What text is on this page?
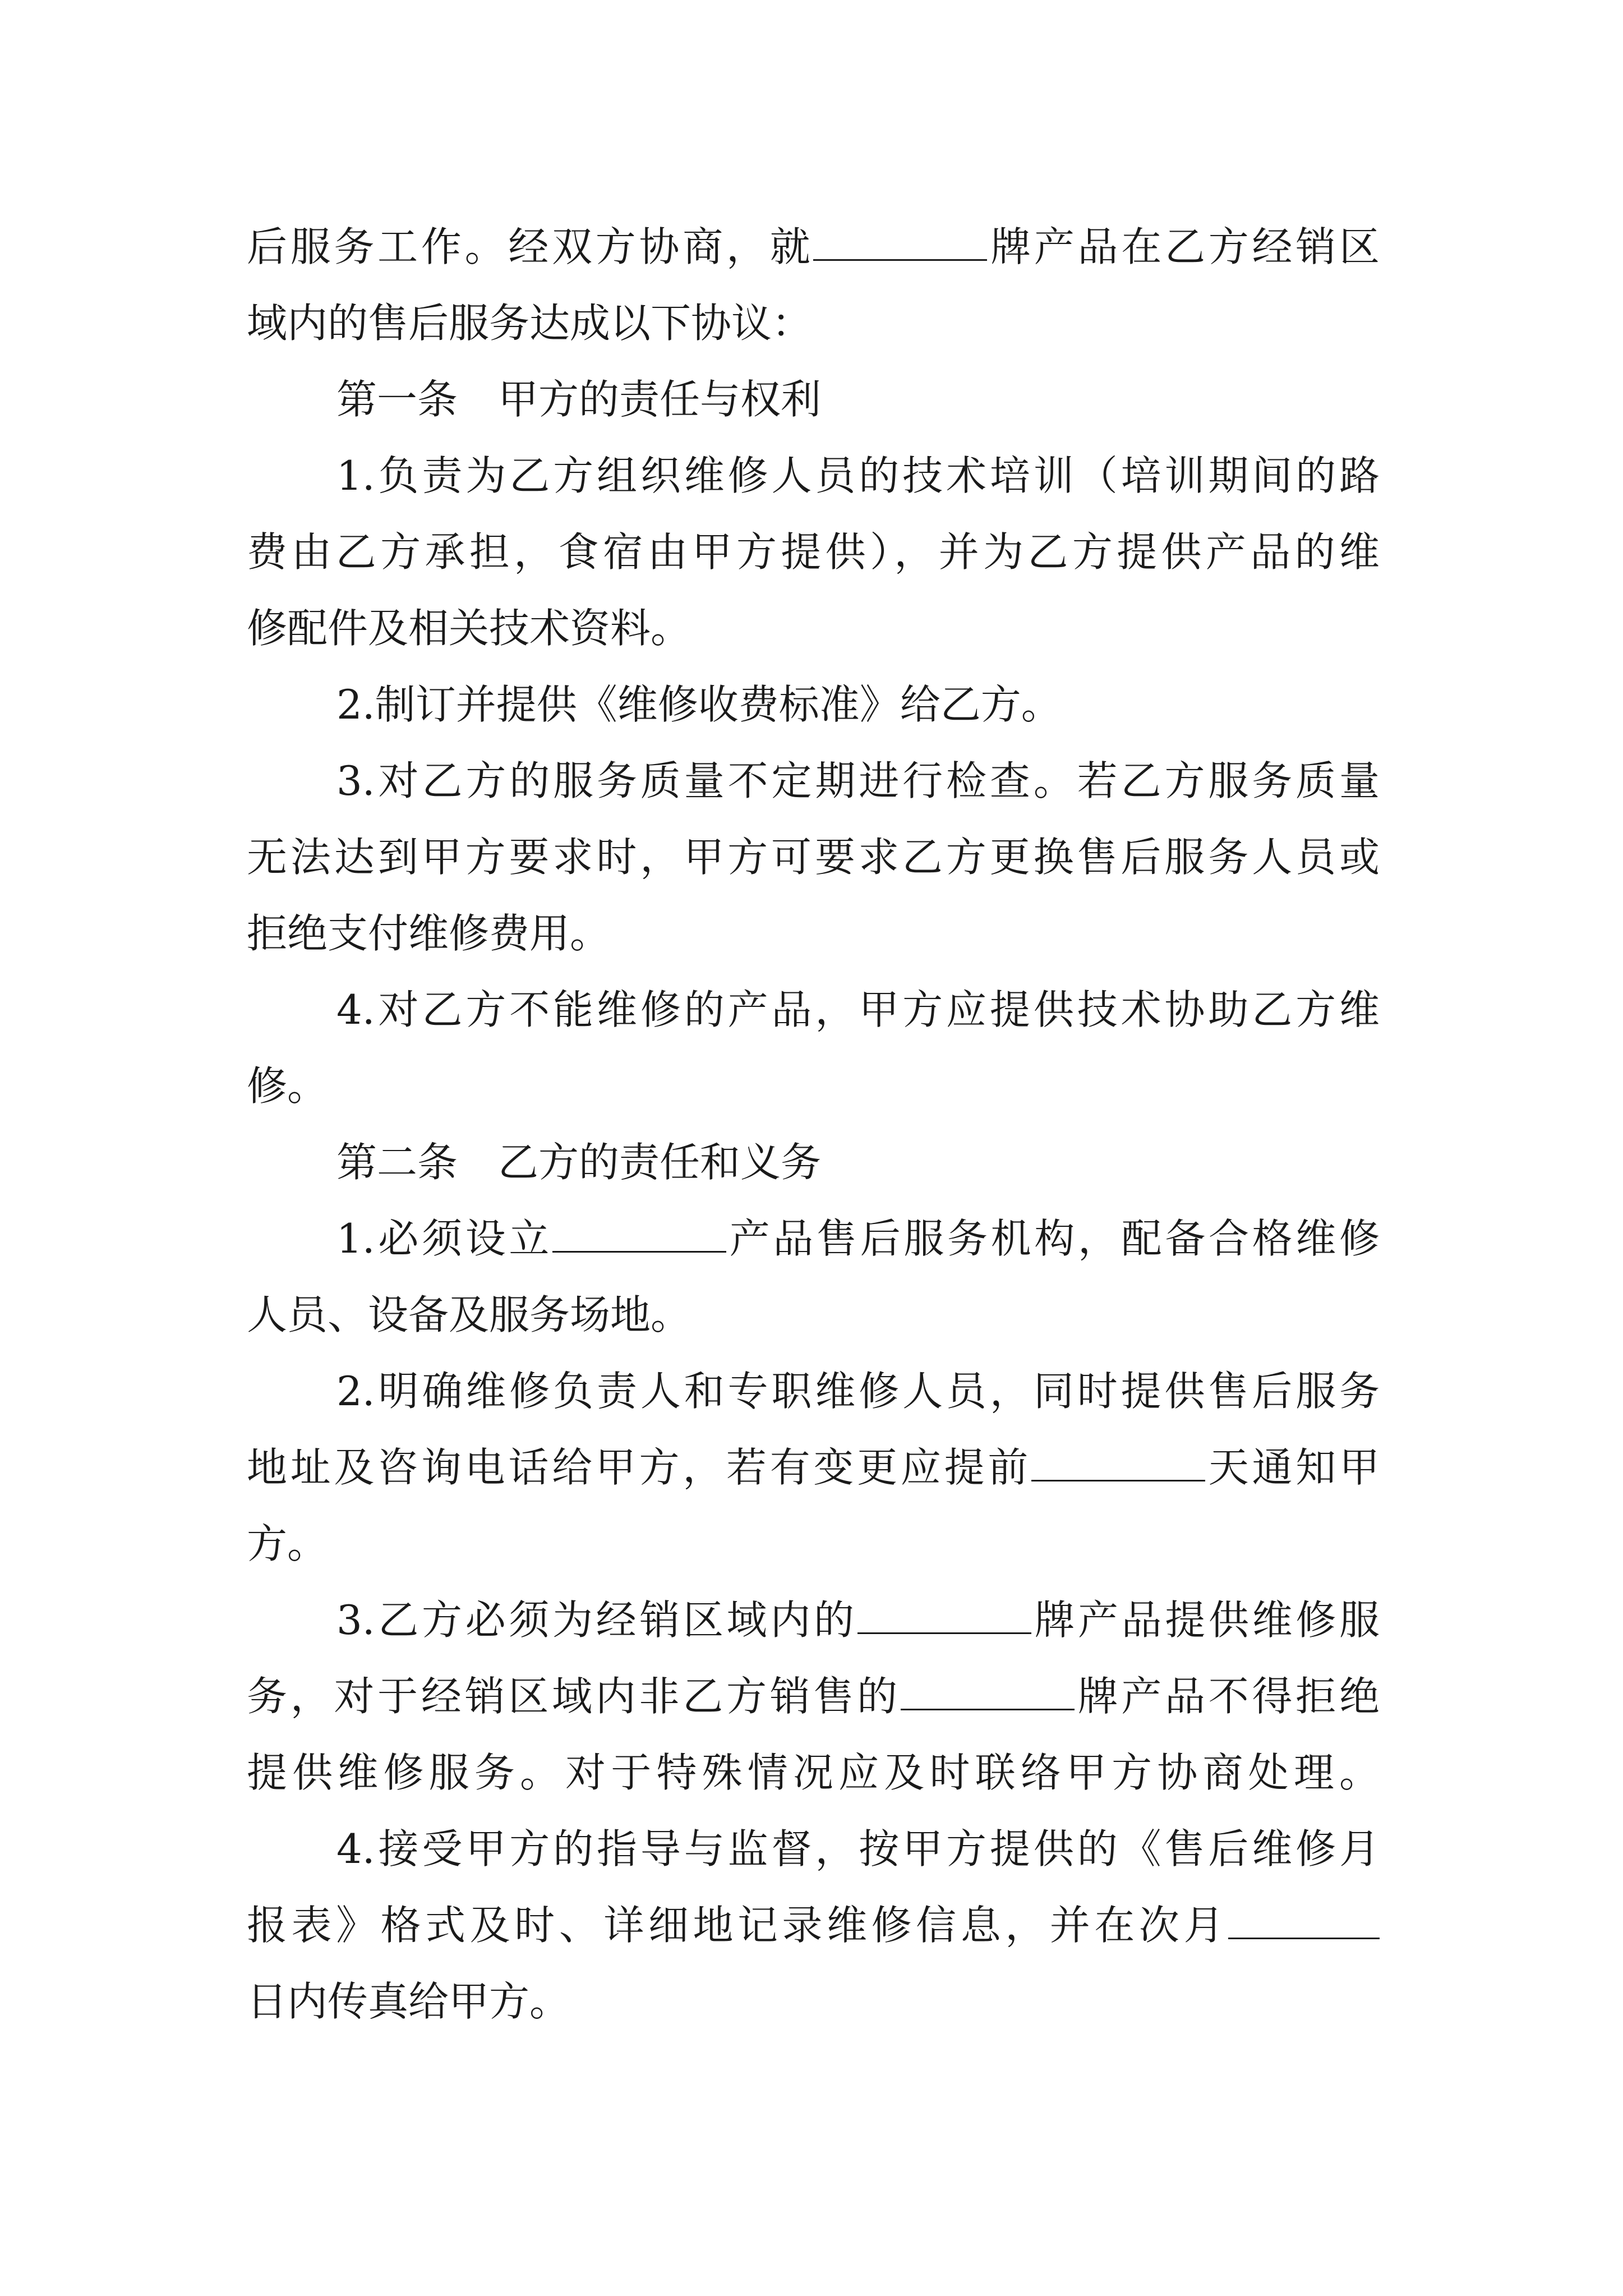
后服务工作。经双方协商，就	牌产品在乙方经销区
域内的售后服务达成以下协议：
第一条　甲方的责任与权利
1.负责为乙方组织维修人员的技术培训（培训期间的路
费由乙方承担，食宿由甲方提供），并为乙方提供产品的维
修配件及相关技术资料。
2.制订并提供《维修收费标准》给乙方。
3.对乙方的服务质量不定期进行检查。若乙方服务质量
无法达到甲方要求时，甲方可要求乙方更换售后服务人员或
拒绝支付维修费用。
4.对乙方不能维修的产品，甲方应提供技术协助乙方维
修。
第二条　乙方的责任和义务
1.必须设立	产品售后服务机构，配备合格维修
人员、设备及服务场地。
2.明确维修负责人和专职维修人员，同时提供售后服务
地址及咨询电话给甲方，若有变更应提前	天通知甲
方。
3.乙方必须为经销区域内的	牌产品提供维修服
务，对于经销区域内非乙方销售的	牌产品不得拒绝
提供维修服务。对于特殊情况应及时联络甲方协商处理。
4.接受甲方的指导与监督，按甲方提供的《售后维修月
报表》格式及时、详细地记录维修信息，并在次月
日内传真给甲方。
